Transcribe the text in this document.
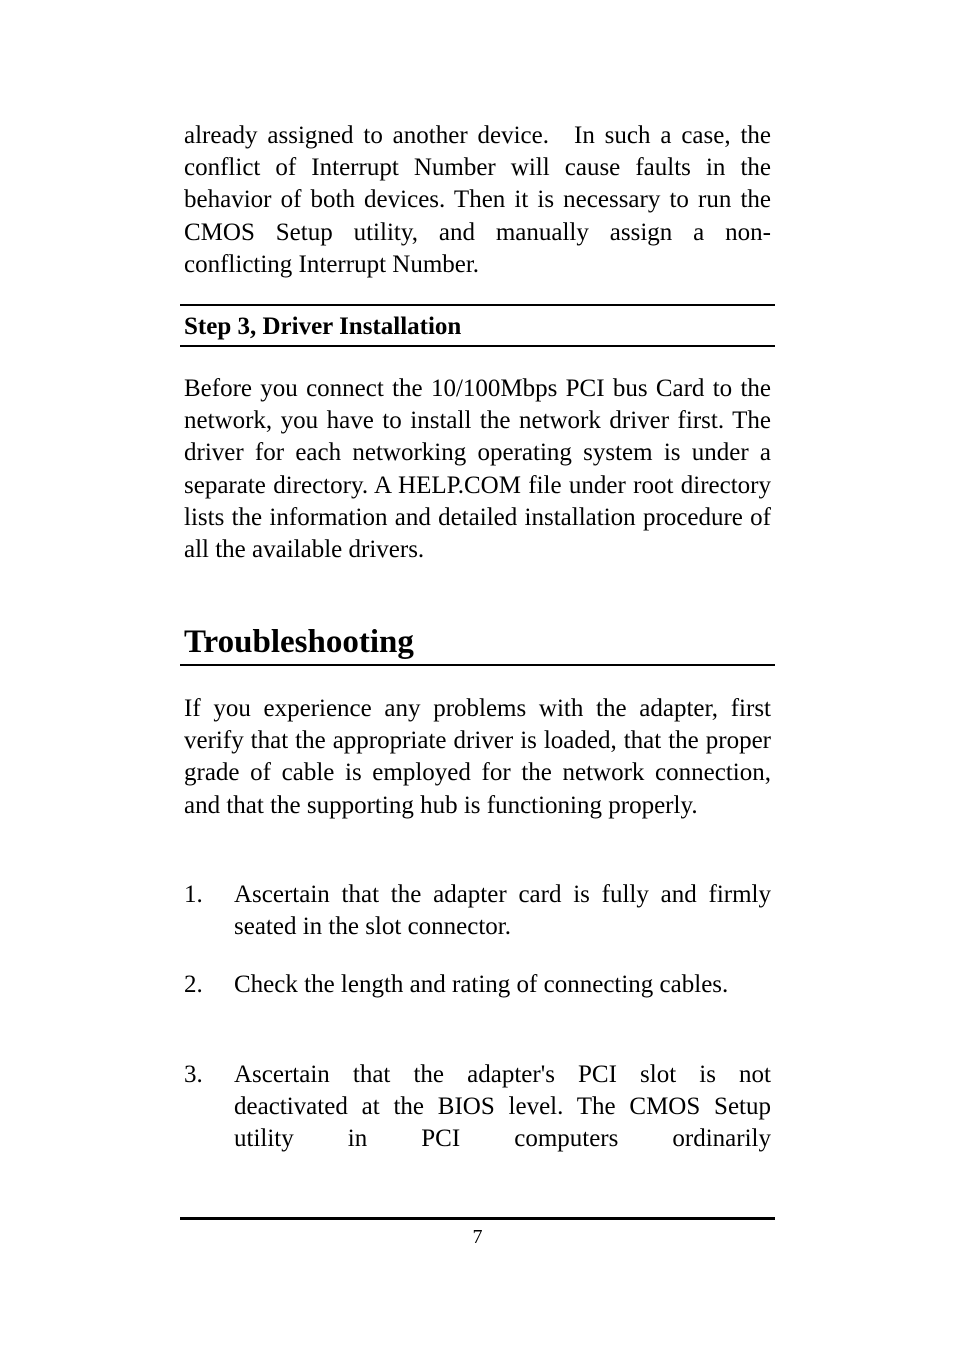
already assigned to another device. In such a case, the conflict of Interrupt Number will cause faults in the behavior of both devices. Then it is necessary to run the CMOS Setup utility, and manually assign a non-conflicting Interrupt Number.

Step 3, Driver Installation

Before you connect the 10/100Mbps PCI bus Card to the network, you have to install the network driver first. The driver for each networking operating system is under a separate directory. A HELP.COM file under root directory lists the information and detailed installation procedure of all the available drivers.

Troubleshooting

If you experience any problems with the adapter, first verify that the appropriate driver is loaded, that the proper grade of cable is employed for the network connection, and that the supporting hub is functioning properly.

1. Ascertain that the adapter card is fully and firmly seated in the slot connector.

2. Check the length and rating of connecting cables.

3. Ascertain that the adapter's PCI slot is not deactivated at the BIOS level. The CMOS Setup utility in PCI computers ordinarily

7
